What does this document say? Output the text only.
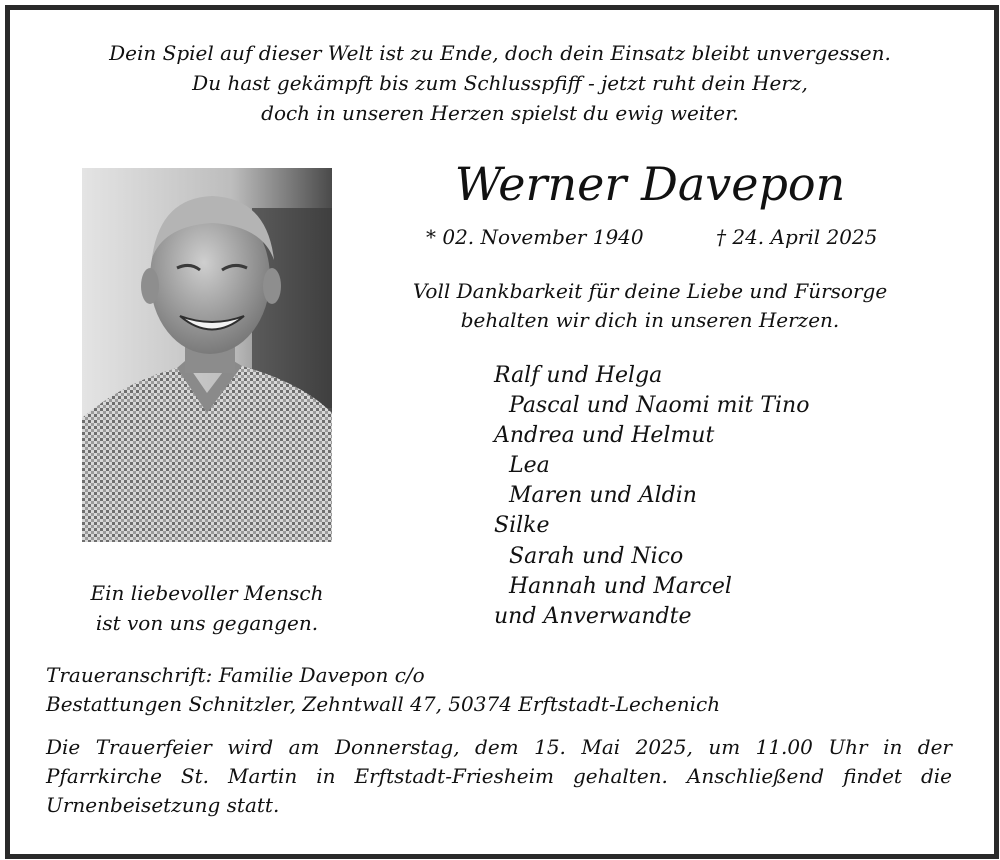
Dein Spiel auf dieser Welt ist zu Ende, doch dein Einsatz bleibt unvergessen.
Du hast gekämpft bis zum Schlusspfiff - jetzt ruht dein Herz,
doch in unseren Herzen spielst du ewig weiter.
Ein liebevoller Mensch
ist von uns gegangen.
Werner Davepon
* 02. November 1940	† 24. April 2025
Voll Dankbarkeit für deine Liebe und Fürsorge
behalten wir dich in unseren Herzen.
Ralf und Helga
Pascal und Naomi mit Tino
Andrea und Helmut
Lea
Maren und Aldin
Silke
Sarah und Nico
Hannah und Marcel
und Anverwandte
Traueranschrift: Familie Davepon c/o
Bestattungen Schnitzler, Zehntwall 47, 50374 Erftstadt-Lechenich
Die Trauerfeier wird am Donnerstag, dem 15. Mai 2025, um 11.00 Uhr in der Pfarrkirche St. Martin in Erftstadt-Friesheim gehalten. Anschließend findet die Urnenbeisetzung statt.
